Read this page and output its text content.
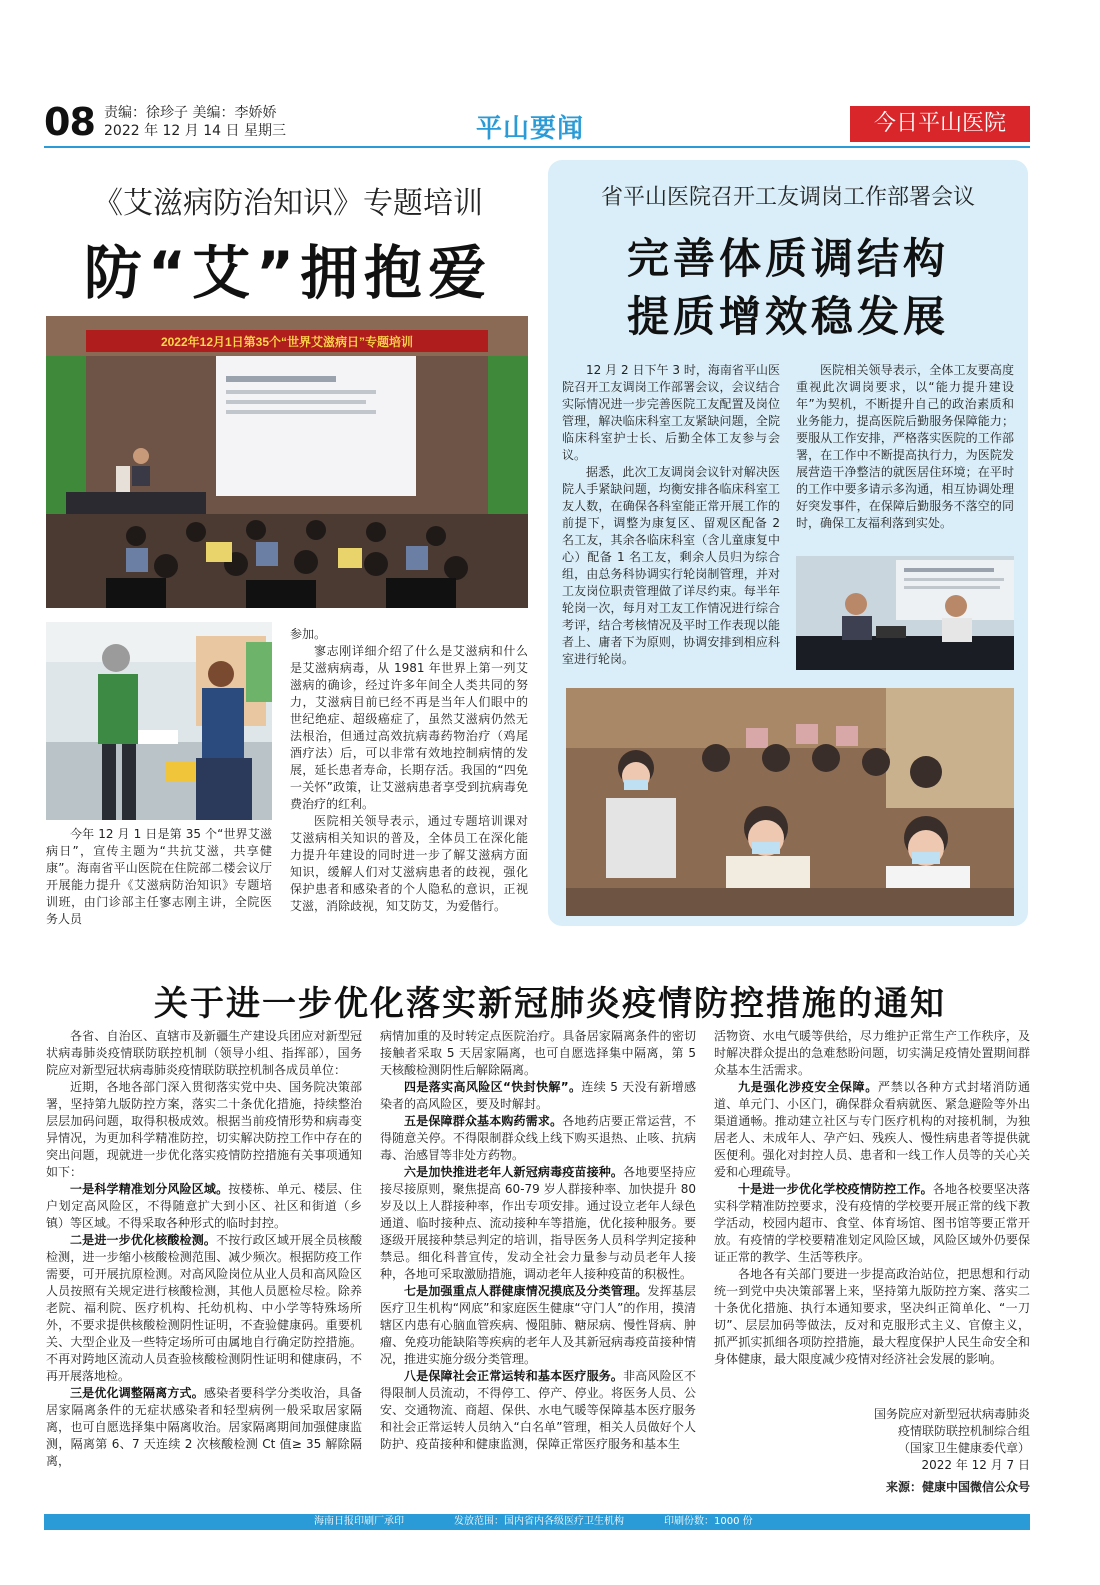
08 责编：徐珍子 美编：李娇娇
2022 年 12 月 14 日 星期三	平山要闻	今日平山医院
《艾滋病防治知识》专题培训
防“艾”拥抱爱
2022年12月1日第35个“世界艾滋病日”专题培训

今年 12 月 1 日是第 35 个“世界艾滋病日”，宣传主题为“共抗艾滋，共享健康”。海南省平山医院在住院部二楼会议厅开展能力提升《艾滋病防治知识》专题培训班，由门诊部主任寥志刚主讲，全院医务人员

参加。

寥志刚详细介绍了什么是艾滋病和什么是艾滋病病毒，从 1981 年世界上第一列艾滋病的确诊，经过许多年间全人类共同的努力，艾滋病目前已经不再是当年人们眼中的世纪绝症、超级癌症了，虽然艾滋病仍然无法根治，但通过高效抗病毒药物治疗（鸡尾酒疗法）后，可以非常有效地控制病情的发展，延长患者寿命，长期存活。我国的“四免一关怀”政策，让艾滋病患者享受到抗病毒免费治疗的红利。

医院相关领导表示，通过专题培训课对艾滋病相关知识的普及，全体员工在深化能力提升年建设的同时进一步了解艾滋病方面知识，缓解人们对艾滋病患者的歧视，强化保护患者和感染者的个人隐私的意识，正视艾滋，消除歧视，知艾防艾，为爱偕行。

省平山医院召开工友调岗工作部署会议
完善体质调结构
提质增效稳发展

12 月 2 日下午 3 时，海南省平山医院召开工友调岗工作部署会议，会议结合实际情况进一步完善医院工友配置及岗位管理，解决临床科室工友紧缺问题，全院临床科室护士长、后勤全体工友参与会议。

据悉，此次工友调岗会议针对解决医院人手紧缺问题，均衡安排各临床科室工友人数，在确保各科室能正常开展工作的前提下，调整为康复区、留观区配备 2 名工友，其余各临床科室（含儿童康复中心）配备 1 名工友，剩余人员归为综合组，由总务科协调实行轮岗制管理，并对工友岗位职责管理做了详尽约束。每半年轮岗一次，每月对工友工作情况进行综合考评，结合考核情况及平时工作表现以能者上、庸者下为原则，协调安排到相应科室进行轮岗。

医院相关领导表示，全体工友要高度重视此次调岗要求，以“能力提升建设年”为契机，不断提升自己的政治素质和业务能力，提高医院后勤服务保障能力；要服从工作安排，严格落实医院的工作部署，在工作中不断提高执行力，为医院发展营造干净整洁的就医居住环境；在平时的工作中要多请示多沟通，相互协调处理好突发事件，在保障后勤服务不落空的同时，确保工友福利落到实处。

关于进一步优化落实新冠肺炎疫情防控措施的通知

各省、自治区、直辖市及新疆生产建设兵团应对新型冠状病毒肺炎疫情联防联控机制（领导小组、指挥部），国务院应对新型冠状病毒肺炎疫情联防联控机制各成员单位：

近期，各地各部门深入贯彻落实党中央、国务院决策部署，坚持第九版防控方案，落实二十条优化措施，持续整治层层加码问题，取得积极成效。根据当前疫情形势和病毒变异情况，为更加科学精准防控，切实解决防控工作中存在的突出问题，现就进一步优化落实疫情防控措施有关事项通知如下：

一是科学精准划分风险区域。按楼栋、单元、楼层、住户划定高风险区，不得随意扩大到小区、社区和街道（乡镇）等区域。不得采取各种形式的临时封控。

二是进一步优化核酸检测。不按行政区域开展全员核酸检测，进一步缩小核酸检测范围、减少频次。根据防疫工作需要，可开展抗原检测。对高风险岗位从业人员和高风险区人员按照有关规定进行核酸检测，其他人员愿检尽检。除养老院、福利院、医疗机构、托幼机构、中小学等特殊场所外，不要求提供核酸检测阴性证明，不查验健康码。重要机关、大型企业及一些特定场所可由属地自行确定防控措施。不再对跨地区流动人员查验核酸检测阴性证明和健康码，不再开展落地检。

三是优化调整隔离方式。感染者要科学分类收治，具备居家隔离条件的无症状感染者和轻型病例一般采取居家隔离，也可自愿选择集中隔离收治。居家隔离期间加强健康监测，隔离第 6、7 天连续 2 次核酸检测 Ct 值≥ 35 解除隔离，

病情加重的及时转定点医院治疗。具备居家隔离条件的密切接触者采取 5 天居家隔离，也可自愿选择集中隔离，第 5 天核酸检测阴性后解除隔离。

四是落实高风险区“快封快解”。连续 5 天没有新增感染者的高风险区，要及时解封。

五是保障群众基本购药需求。各地药店要正常运营，不得随意关停。不得限制群众线上线下购买退热、止咳、抗病毒、治感冒等非处方药物。

六是加快推进老年人新冠病毒疫苗接种。各地要坚持应接尽接原则，聚焦提高 60-79 岁人群接种率、加快提升 80 岁及以上人群接种率，作出专项安排。通过设立老年人绿色通道、临时接种点、流动接种车等措施，优化接种服务。要逐级开展接种禁忌判定的培训，指导医务人员科学判定接种禁忌。细化科普宣传，发动全社会力量参与动员老年人接种，各地可采取激励措施，调动老年人接种疫苗的积极性。

七是加强重点人群健康情况摸底及分类管理。发挥基层医疗卫生机构“网底”和家庭医生健康“守门人”的作用，摸清辖区内患有心脑血管疾病、慢阻肺、糖尿病、慢性肾病、肿瘤、免疫功能缺陷等疾病的老年人及其新冠病毒疫苗接种情况，推进实施分级分类管理。

八是保障社会正常运转和基本医疗服务。非高风险区不得限制人员流动，不得停工、停产、停业。将医务人员、公安、交通物流、商超、保供、水电气暖等保障基本医疗服务和社会正常运转人员纳入“白名单”管理，相关人员做好个人防护、疫苗接种和健康监测，保障正常医疗服务和基本生

活物资、水电气暖等供给，尽力维护正常生产工作秩序，及时解决群众提出的急难愁盼问题，切实满足疫情处置期间群众基本生活需求。

九是强化涉疫安全保障。严禁以各种方式封堵消防通道、单元门、小区门，确保群众看病就医、紧急避险等外出渠道通畅。推动建立社区与专门医疗机构的对接机制，为独居老人、未成年人、孕产妇、残疾人、慢性病患者等提供就医便利。强化对封控人员、患者和一线工作人员等的关心关爱和心理疏导。

十是进一步优化学校疫情防控工作。各地各校要坚决落实科学精准防控要求，没有疫情的学校要开展正常的线下教学活动，校园内超市、食堂、体育场馆、图书馆等要正常开放。有疫情的学校要精准划定风险区域，风险区域外仍要保证正常的教学、生活等秩序。

各地各有关部门要进一步提高政治站位，把思想和行动统一到党中央决策部署上来，坚持第九版防控方案、落实二十条优化措施、执行本通知要求，坚决纠正简单化、“一刀切”、层层加码等做法，反对和克服形式主义、官僚主义，抓严抓实抓细各项防控措施，最大程度保护人民生命安全和身体健康，最大限度减少疫情对经济社会发展的影响。

国务院应对新型冠状病毒肺炎
疫情联防联控机制综合组
（国家卫生健康委代章）
2022 年 12 月 7 日
来源：健康中国微信公众号
海南日报印刷厂承印	发放范围：国内省内各级医疗卫生机构	印刷份数：1000 份
